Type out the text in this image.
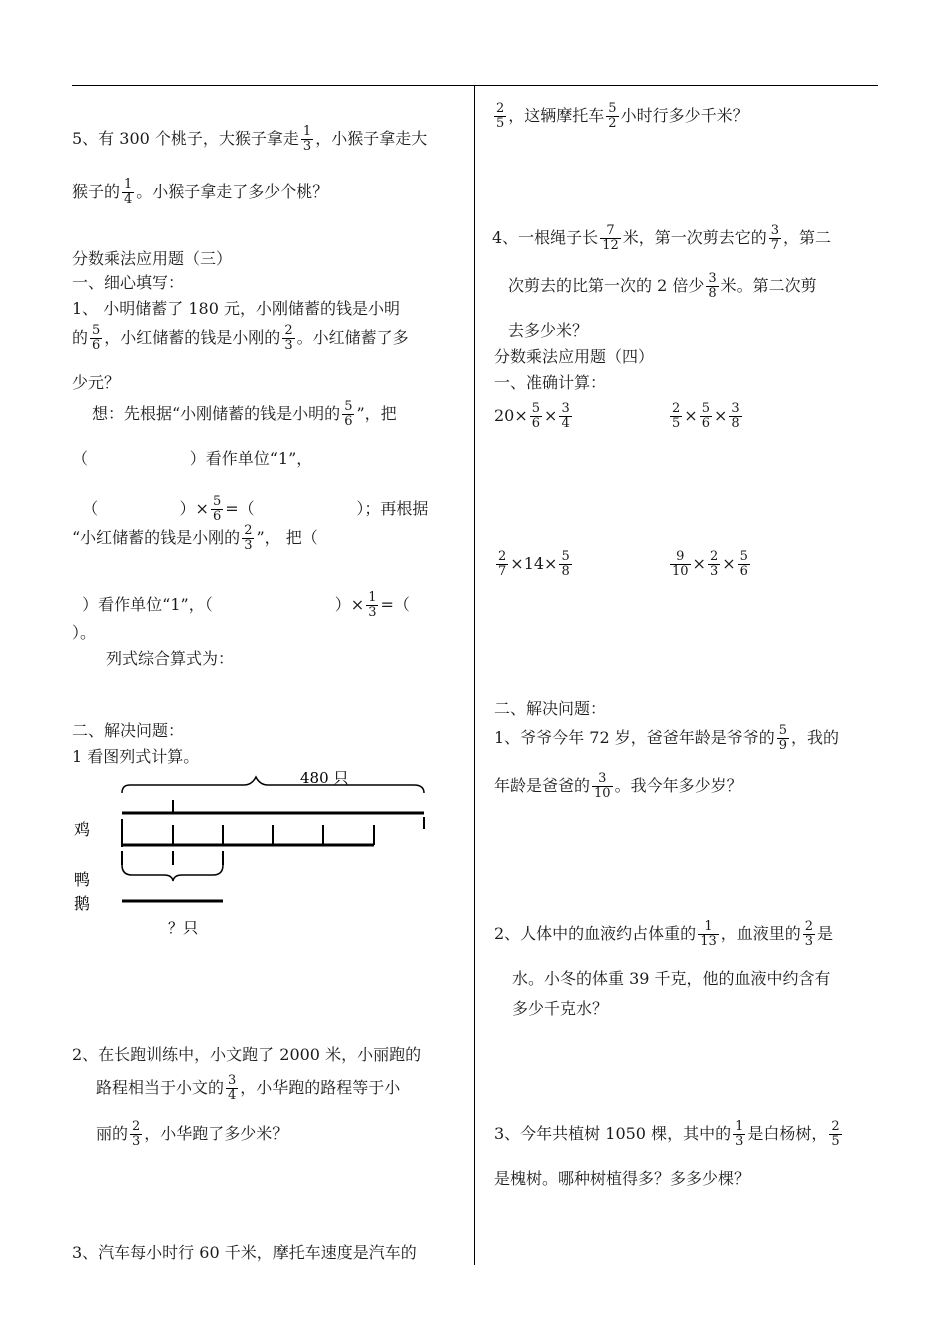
5、有 300 个桃子，大猴子拿走 $\frac{1}{3}$ ，小猴子拿走大
猴子的 $\frac{1}{4}$ 。小猴子拿走了多少个桃？
分数乘法应用题（三）
一、细心填写：
1、 小明储蓄了 180 元，小刚储蓄的钱是小明
的 $\frac{5}{6}$ ，小红储蓄的钱是小刚的 $\frac{2}{3}$ 。小红储蓄了多
少元？
想：先根据“小刚储蓄的钱是小明的 $\frac{5}{6}$ ”，把
（                    ）看作单位“1”，

（                ）× $\frac{5}{6}$ =（                    ）；再根据

“小红储蓄的钱是小刚的 $\frac{2}{3}$ ”， 把（

）看作单位“1”，（                        ）× $\frac{1}{3}$ =（

）。
列式综合算式为：
二、解决问题：
1 看图列式计算。
480 只
鸡
鸭
鹅
？只
2、在长跑训练中，小文跑了 2000 米，小丽跑的
路程相当于小文的 $\frac{3}{4}$ ，小华跑的路程等于小
丽的 $\frac{2}{3}$ ，小华跑了多少米？
3、汽车每小时行 60 千米，摩托车速度是汽车的
$\frac{2}{5}$ ，这辆摩托车 $\frac{5}{2}$ 小时行多少千米？
4、一根绳子长 $\frac{7}{12}$ 米，第一次剪去它的 $\frac{3}{7}$ ，第二
次剪去的比第一次的 2 倍少 $\frac{3}{8}$ 米。第二次剪
去多少米？
分数乘法应用题（四）
一、准确计算：
$20\times \frac{5}{6} \times \frac{3}{4}$	$\frac{2}{5} \times \frac{5}{6} \times \frac{3}{8}$
$\frac{2}{7} \times 14\times \frac{5}{8}$	$\frac{9}{10} \times \frac{2}{3} \times \frac{5}{6}$
二、解决问题：
1、爷爷今年 72 岁，爸爸年龄是爷爷的 $\frac{5}{9}$ ，我的
年龄是爸爸的 $\frac{3}{10}$ 。我今年多少岁？
2、人体中的血液约占体重的 $\frac{1}{13}$ ，血液里的 $\frac{2}{3}$ 是
水。小冬的体重 39 千克，他的血液中约含有
多少千克水？
3、今年共植树 1050 棵，其中的 $\frac{1}{3}$ 是白杨树， $\frac{2}{5}$
是槐树。哪种树植得多？多多少棵？
